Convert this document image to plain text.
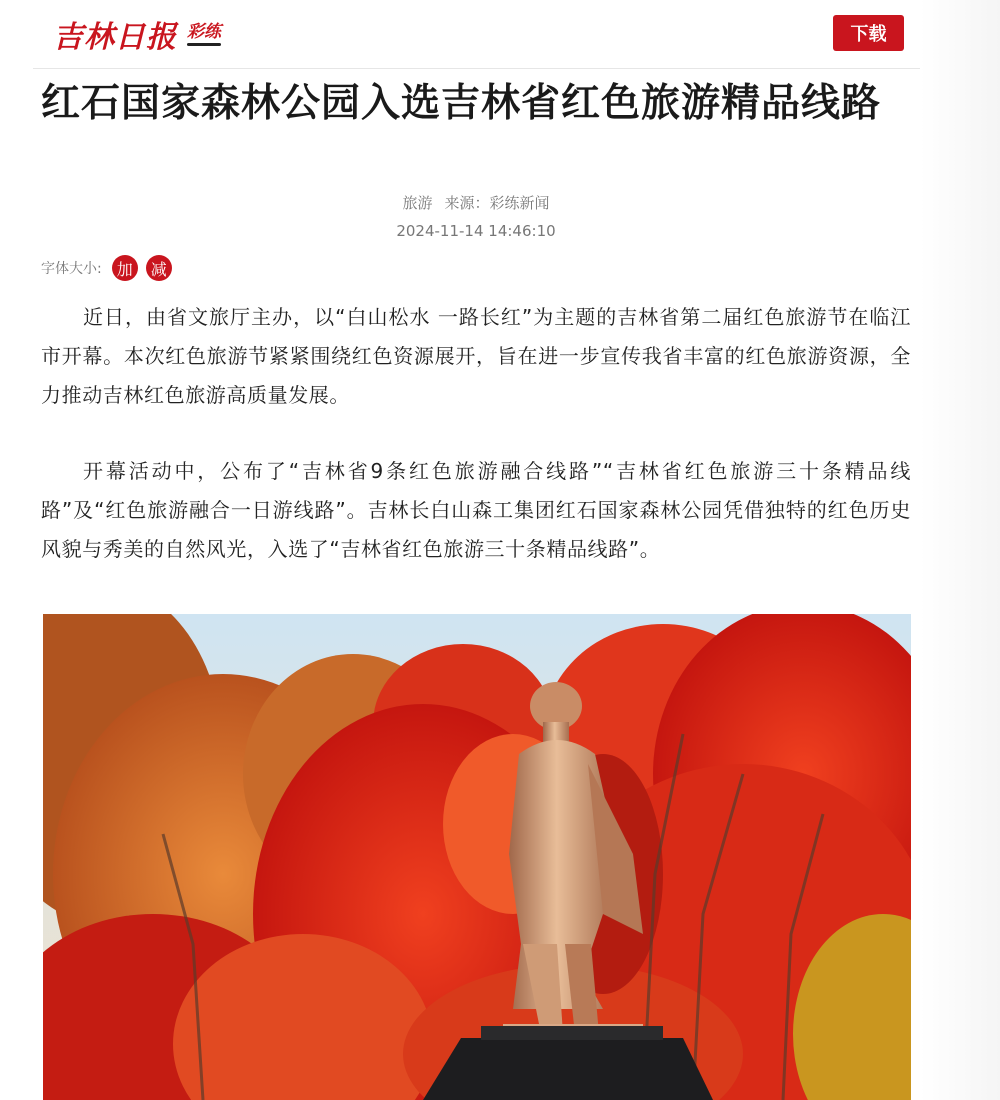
吉林日报 彩练	下载
红石国家森林公园入选吉林省红色旅游精品线路
旅游 来源：彩练新闻
2024-11-14 14:46:10
字体大小: 加	减

近日，由省文旅厅主办，以“白山松水 一路长红”为主题的吉林省第二届红色旅游节在临江市开幕。本次红色旅游节紧紧围绕红色资源展开，旨在进一步宣传我省丰富的红色旅游资源，全力推动吉林红色旅游高质量发展。

开幕活动中，公布了“吉林省9条红色旅游融合线路”“吉林省红色旅游三十条精品线路”及“红色旅游融合一日游线路”。吉林长白山森工集团红石国家森林公园凭借独特的红色历史风貌与秀美的自然风光，入选了“吉林省红色旅游三十条精品线路”。
